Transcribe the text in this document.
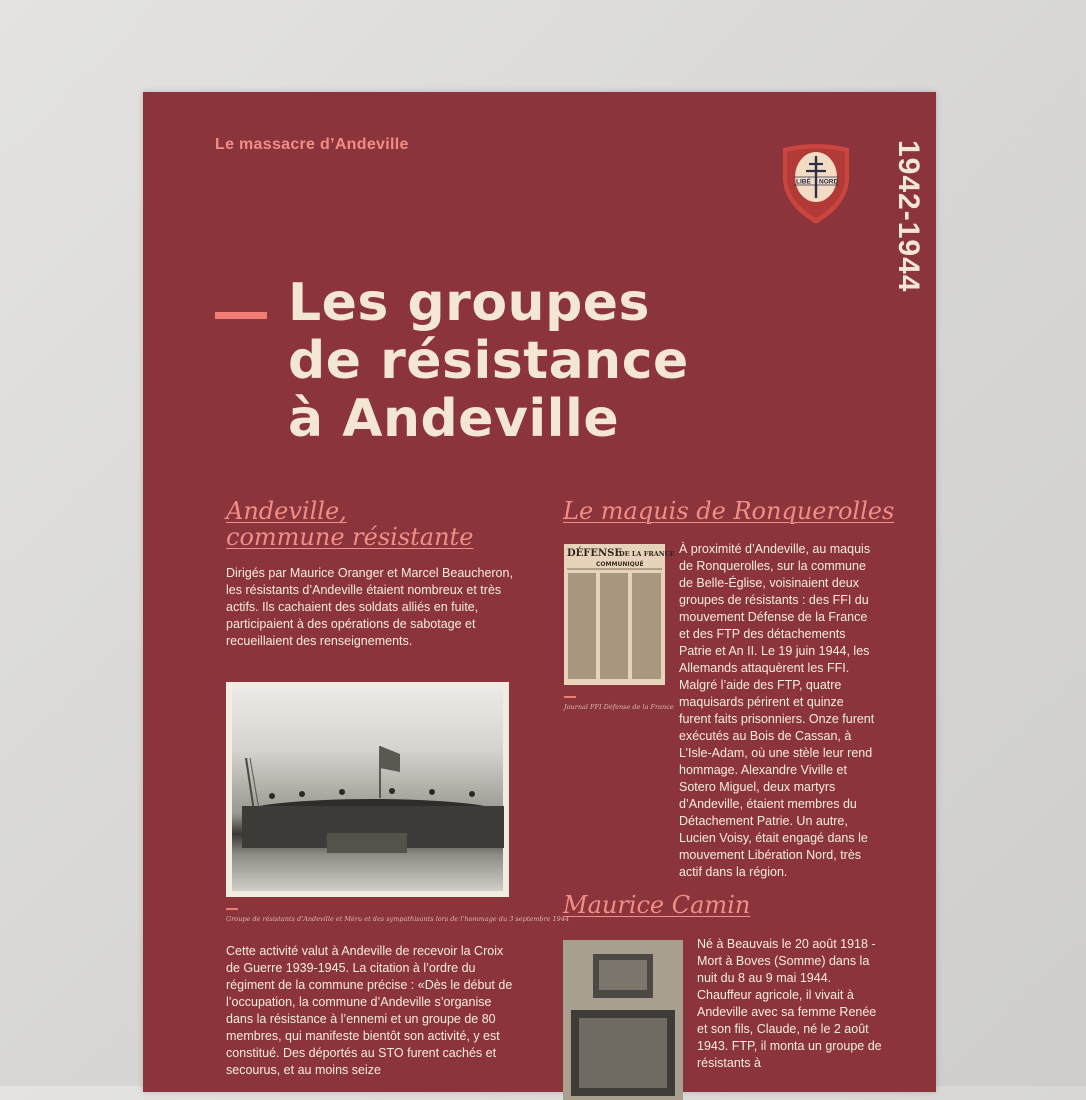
Le massacre d’Andeville
LIBÉ NORD 1942-1944
Les groupes
de résistance
à Andeville
Andeville,
commune résistante

Dirigés par Maurice Oranger et Marcel Beaucheron, les résistants d’Andeville étaient nombreux et très actifs. Ils cachaient des soldats alliés en fuite, participaient à des opérations de sabotage et recueillaient des renseignements.

Groupe de résistants d’Andeville et Méru et des sympathisants lors de l’hommage du 3 septembre 1944

Cette activité valut à Andeville de recevoir la Croix de Guerre 1939-1945. La citation à l’ordre du régiment de la commune précise : «Dès le début de l’occupation, la commune d’Andeville s’organise dans la résistance à l’ennemi et un groupe de 80 membres, qui manifeste bientôt son activité, y est constitué. Des déportés au STO furent cachés et secourus, et au moins seize

Le maquis de Ronquerolles
DÉFENSE
DE LA FRANCE
COMMUNIQUÉ

Journal FFI Défense de la France

À proximité d’Andeville, au maquis de Ronquerolles, sur la commune de Belle-Église, voisinaient deux groupes de résistants : des FFI du mouvement Défense de la France et des FTP des détachements Patrie et An II. Le 19 juin 1944, les Allemands attaquèrent les FFI. Malgré l’aide des FTP, quatre maquisards périrent et quinze furent faits prisonniers. Onze furent exécutés au Bois de Cassan, à L’Isle-Adam, où une stèle leur rend hommage. Alexandre Viville et Sotero Miguel, deux martyrs d’Andeville, étaient membres du Détachement Patrie. Un autre, Lucien Voisy, était engagé dans le mouvement Libération Nord, très actif dans la région.

Maurice Camin

Né à Beauvais le 20 août 1918 - Mort à Boves (Somme) dans la nuit du 8 au 9 mai 1944. Chauffeur agricole, il vivait à Andeville avec sa femme Renée et son fils, Claude, né le 2 août 1943. FTP, il monta un groupe de résistants à
